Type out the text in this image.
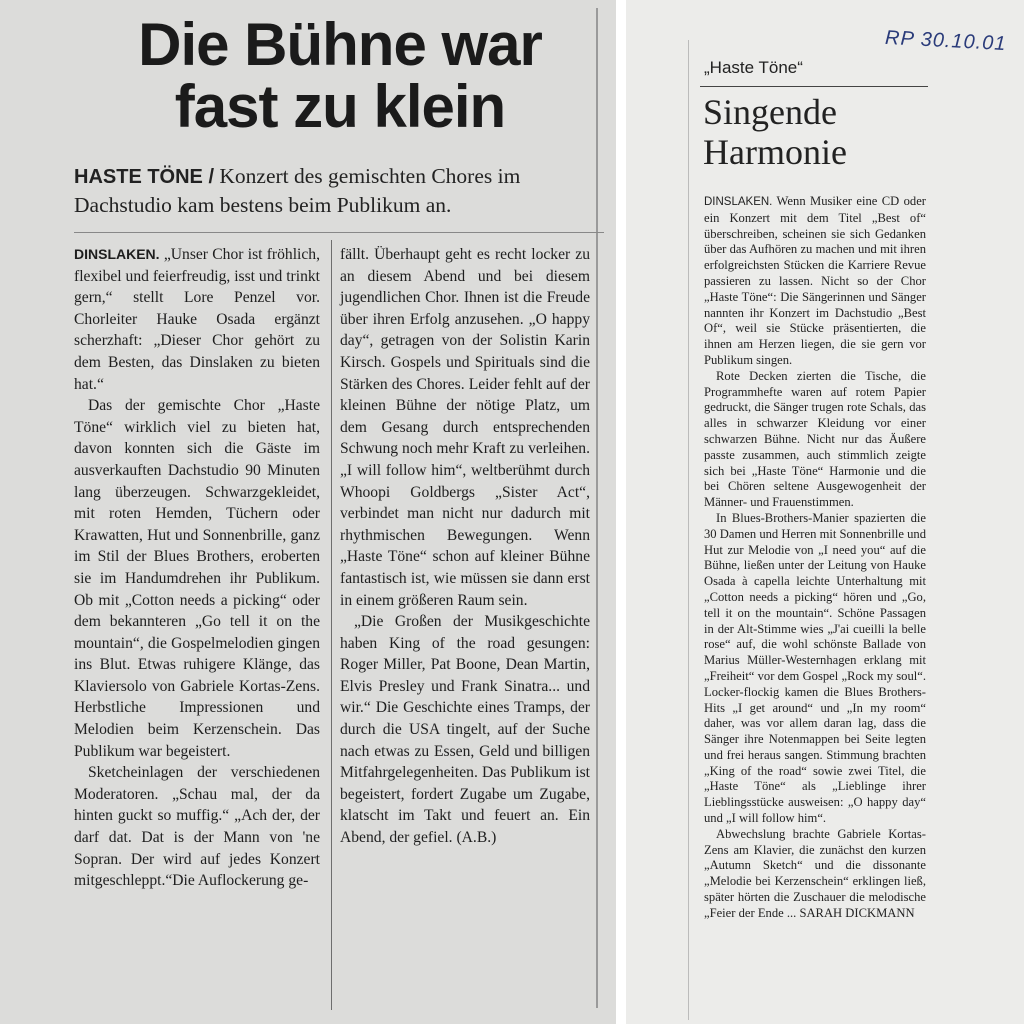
Die Bühne war
fast zu klein
HASTE TÖNE / Konzert des gemischten Chores im Dachstudio kam bestens beim Publikum an.

DINSLAKEN. „Unser Chor ist fröhlich, flexibel und feierfreudig, isst und trinkt gern,“ stellt Lore Penzel vor. Chorleiter Hauke Osada ergänzt scherzhaft: „Dieser Chor gehört zu dem Besten, das Dinslaken zu bieten hat.“

Das der gemischte Chor „Haste Töne“ wirklich viel zu bieten hat, davon konnten sich die Gäste im ausverkauften Dachstudio 90 Minuten lang überzeugen. Schwarzgekleidet, mit roten Hemden, Tüchern oder Krawatten, Hut und Sonnenbrille, ganz im Stil der Blues Brothers, eroberten sie im Handumdrehen ihr Publikum. Ob mit „Cotton needs a picking“ oder dem bekannteren „Go tell it on the mountain“, die Gospelmelodien gingen ins Blut. Etwas ruhigere Klänge, das Klaviersolo von Gabriele Kortas-Zens. Herbstliche Impressionen und Melodien beim Kerzenschein. Das Publikum war begeistert.

Sketcheinlagen der verschiedenen Moderatoren. „Schau mal, der da hinten guckt so muffig.“ „Ach der, der darf dat. Dat is der Mann von 'ne Sopran. Der wird auf jedes Konzert mitgeschleppt.“Die Auflockerung ge-

fällt. Überhaupt geht es recht locker zu an diesem Abend und bei diesem jugendlichen Chor. Ihnen ist die Freude über ihren Erfolg anzusehen. „O happy day“, getragen von der Solistin Karin Kirsch. Gospels und Spirituals sind die Stärken des Chores. Leider fehlt auf der kleinen Bühne der nötige Platz, um dem Gesang durch entsprechenden Schwung noch mehr Kraft zu verleihen. „I will follow him“, weltberühmt durch Whoopi Goldbergs „Sister Act“, verbindet man nicht nur dadurch mit rhythmischen Bewegungen. Wenn „Haste Töne“ schon auf kleiner Bühne fantastisch ist, wie müssen sie dann erst in einem größeren Raum sein.

„Die Großen der Musikgeschichte haben King of the road gesungen: Roger Miller, Pat Boone, Dean Martin, Elvis Presley und Frank Sinatra... und wir.“ Die Geschichte eines Tramps, der durch die USA tingelt, auf der Suche nach etwas zu Essen, Geld und billigen Mitfahrgelegenheiten. Das Publikum ist begeistert, fordert Zugabe um Zugabe, klatscht im Takt und feuert an. Ein Abend, der gefiel. (A.B.)

RP 30.10.01
„Haste Töne“
Singende
Harmonie

DINSLAKEN. Wenn Musiker eine CD oder ein Konzert mit dem Titel „Best of“ überschreiben, scheinen sie sich Gedanken über das Aufhören zu machen und mit ihren erfolgreichsten Stücken die Karriere Revue passieren zu lassen. Nicht so der Chor „Haste Töne“: Die Sängerinnen und Sänger nannten ihr Konzert im Dachstudio „Best Of“, weil sie Stücke präsentierten, die ihnen am Herzen liegen, die sie gern vor Publikum singen.

Rote Decken zierten die Tische, die Programmhefte waren auf rotem Papier gedruckt, die Sänger trugen rote Schals, das alles in schwarzer Kleidung vor einer schwarzen Bühne. Nicht nur das Äußere passte zusammen, auch stimmlich zeigte sich bei „Haste Töne“ Harmonie und die bei Chören seltene Ausgewogenheit der Männer- und Frauenstimmen.

In Blues-Brothers-Manier spazierten die 30 Damen und Herren mit Sonnenbrille und Hut zur Melodie von „I need you“ auf die Bühne, ließen unter der Leitung von Hauke Osada à capella leichte Unterhaltung mit „Cotton needs a picking“ hören und „Go, tell it on the mountain“. Schöne Passagen in der Alt-Stimme wies „J'ai cueilli la belle rose“ auf, die wohl schönste Ballade von Marius Müller-Westernhagen erklang mit „Freiheit“ vor dem Gospel „Rock my soul“. Locker-flockig kamen die Blues Brothers-Hits „I get around“ und „In my room“ daher, was vor allem daran lag, dass die Sänger ihre Notenmappen bei Seite legten und frei heraus sangen. Stimmung brachten „King of the road“ sowie zwei Titel, die „Haste Töne“ als „Lieblinge ihrer Lieblingsstücke ausweisen: „O happy day“ und „I will follow him“.

Abwechslung brachte Gabriele Kortas-Zens am Klavier, die zunächst den kurzen „Autumn Sketch“ und die dissonante „Melodie bei Kerzenschein“ erklingen ließ, später hörten die Zuschauer die melodische „Feier der Ende ... SARAH DICKMANN
